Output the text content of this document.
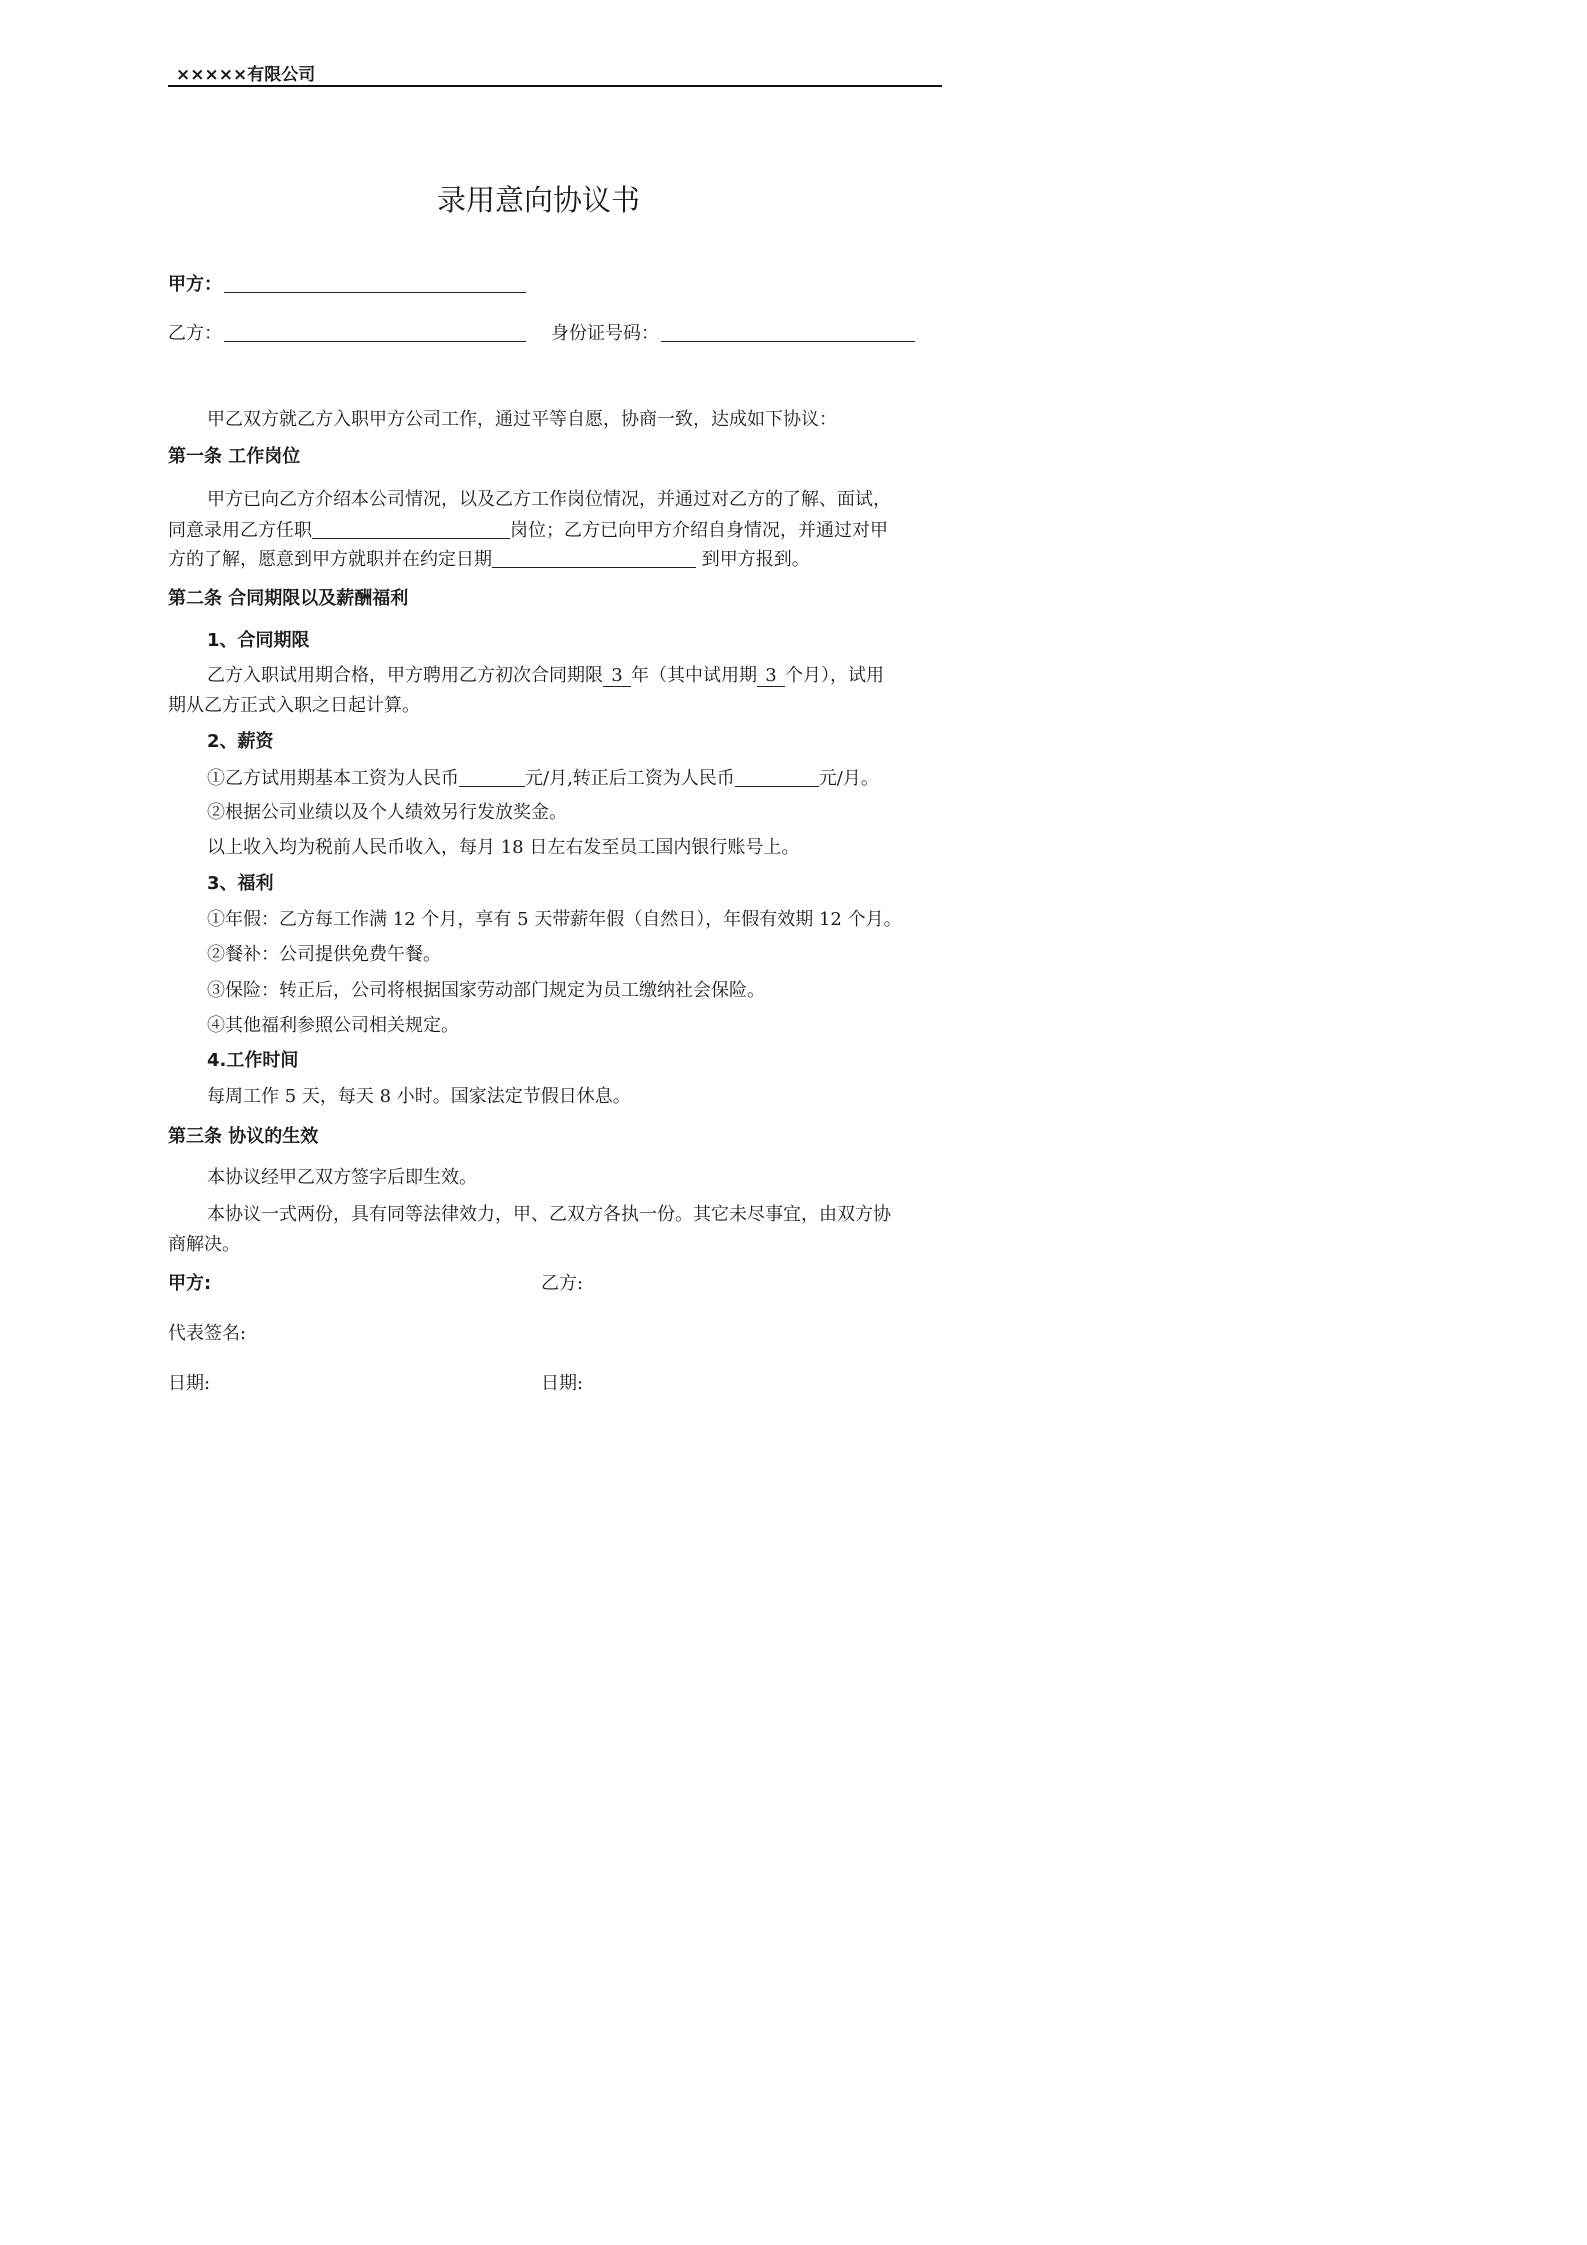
×××××有限公司
录用意向协议书
甲方：
乙方：	身份证号码：
甲乙双方就乙方入职甲方公司工作，通过平等自愿，协商一致，达成如下协议：
第一条 工作岗位
甲方已向乙方介绍本公司情况，以及乙方工作岗位情况，并通过对乙方的了解、面试，
同意录用乙方任职	岗位；乙方已向甲方介绍自身情况，并通过对甲
方的了解，愿意到甲方就职并在约定日期	到甲方报到。
第二条 合同期限以及薪酬福利
1、合同期限
乙方入职试用期合格，甲方聘用乙方初次合同期限 3 年（其中试用期 3 个月），试用
期从乙方正式入职之日起计算。
2、薪资
①乙方试用期基本工资为人民币	元/月,转正后工资为人民币	元/月。
②根据公司业绩以及个人绩效另行发放奖金。
以上收入均为税前人民币收入，每月 18 日左右发至员工国内银行账号上。
3、福利
①年假：乙方每工作满 12 个月，享有 5 天带薪年假（自然日），年假有效期 12 个月。
②餐补：公司提供免费午餐。
③保险：转正后，公司将根据国家劳动部门规定为员工缴纳社会保险。
④其他福利参照公司相关规定。
4.工作时间
每周工作 5 天，每天 8 小时。国家法定节假日休息。
第三条 协议的生效
本协议经甲乙双方签字后即生效。
本协议一式两份，具有同等法律效力，甲、乙双方各执一份。其它未尽事宜，由双方协
商解决。
甲方:	乙方:
代表签名:
日期:	日期:
